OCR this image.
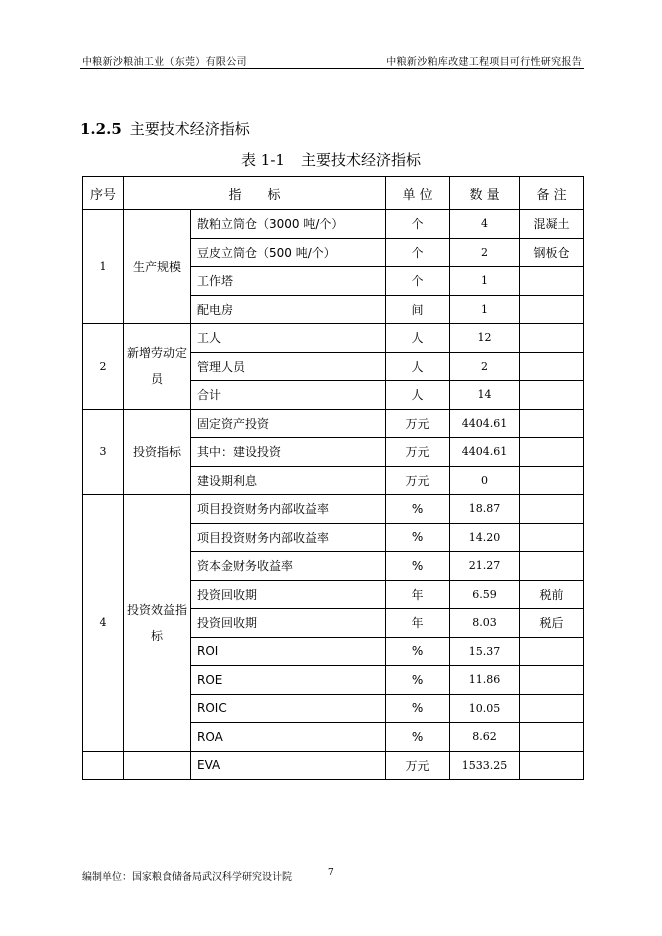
中粮新沙粮油工业（东莞）有限公司	中粮新沙粕库改建工程项目可行性研究报告
1.2.5 主要技术经济指标
表 1-1 主要技术经济指标
序号	指　　标		单 位	数 量	备 注
1	生产规模	散粕立筒仓（3000 吨/个）	个	4	混凝土
		豆皮立筒仓（500 吨/个）	个	2	钢板仓
		工作塔	个	1	
		配电房	间	1	
2	新增劳动定员	工人	人	12	
		管理人员	人	2	
		合计	人	14	
3	投资指标	固定资产投资	万元	4404.61	
		其中：建设投资	万元	4404.61	
		建设期利息	万元	0	
4	投资效益指标	项目投资财务内部收益率	%	18.87	
		项目投资财务内部收益率	%	14.20	
		资本金财务收益率	%	21.27	
		投资回收期	年	6.59	税前
		投资回收期	年	8.03	税后
		ROI	%	15.37	
		ROE	%	11.86	
		ROIC	%	10.05	
		ROA	%	8.62	
		EVA	万元	1533.25	
编制单位：国家粮食储备局武汉科学研究设计院	7
